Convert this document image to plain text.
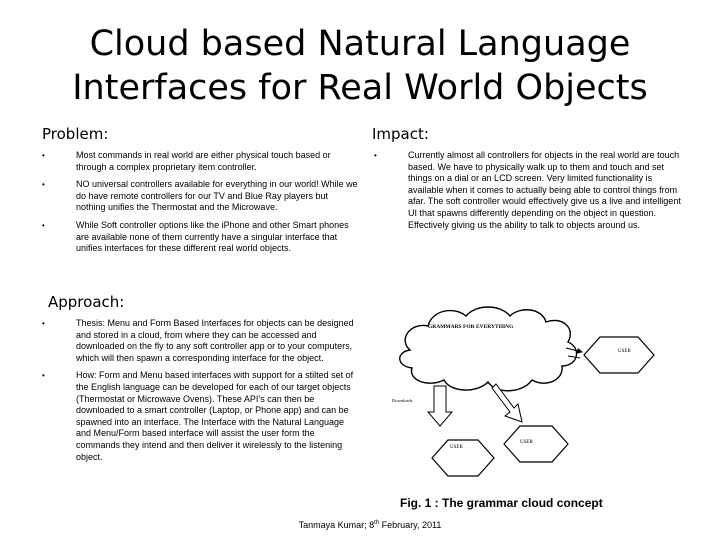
Cloud based Natural Language
Interfaces for Real World Objects
Problem:
•	Most commands in real world are either physical touch based or through a complex proprietary item controller.
•	NO universal controllers available for everything in our world! While we do have remote controllers for our TV and Blue Ray players but nothing unifies the Thermostat and the Microwave.
•	While Soft controller options like the iPhone and other Smart phones are available none of them currently have a singular interface that unifies interfaces for these different real world objects.
Impact:
•	Currently almost all controllers for objects in the real world are touch based. We have to physically walk up to them and touch and set things on a dial or an LCD screen. Very limited functionality is available when it comes to actually being able to control things from afar. The soft controller would effectively give us a live and intelligent UI that spawns differently depending on the object in question. Effectively giving us the ability to talk to objects around us.
Approach:
•	Thesis: Menu and Form Based Interfaces for objects can be designed and stored in a cloud, from where they can be accessed and downloaded on the fly to any soft controller app or to your computers, which will then spawn a corresponding interface for the object.
•	How: Form and Menu based interfaces with support for a stilted set of the English language can be developed for each of our target objects (Thermostat or Microwave Ovens). These API’s can then be downloaded to a smart controller (Laptop, or Phone app) and can be spawned into an interface. The Interface with the Natural Language and Menu/Form based interface will assist the user form the commands they intend and then deliver it wirelessly to the listening object.
GRAMMARS FOR EVERYTHING
USER
USER
USER
Downloads
Fig. 1 : The grammar cloud concept
Tanmaya Kumar; 8th February, 2011
